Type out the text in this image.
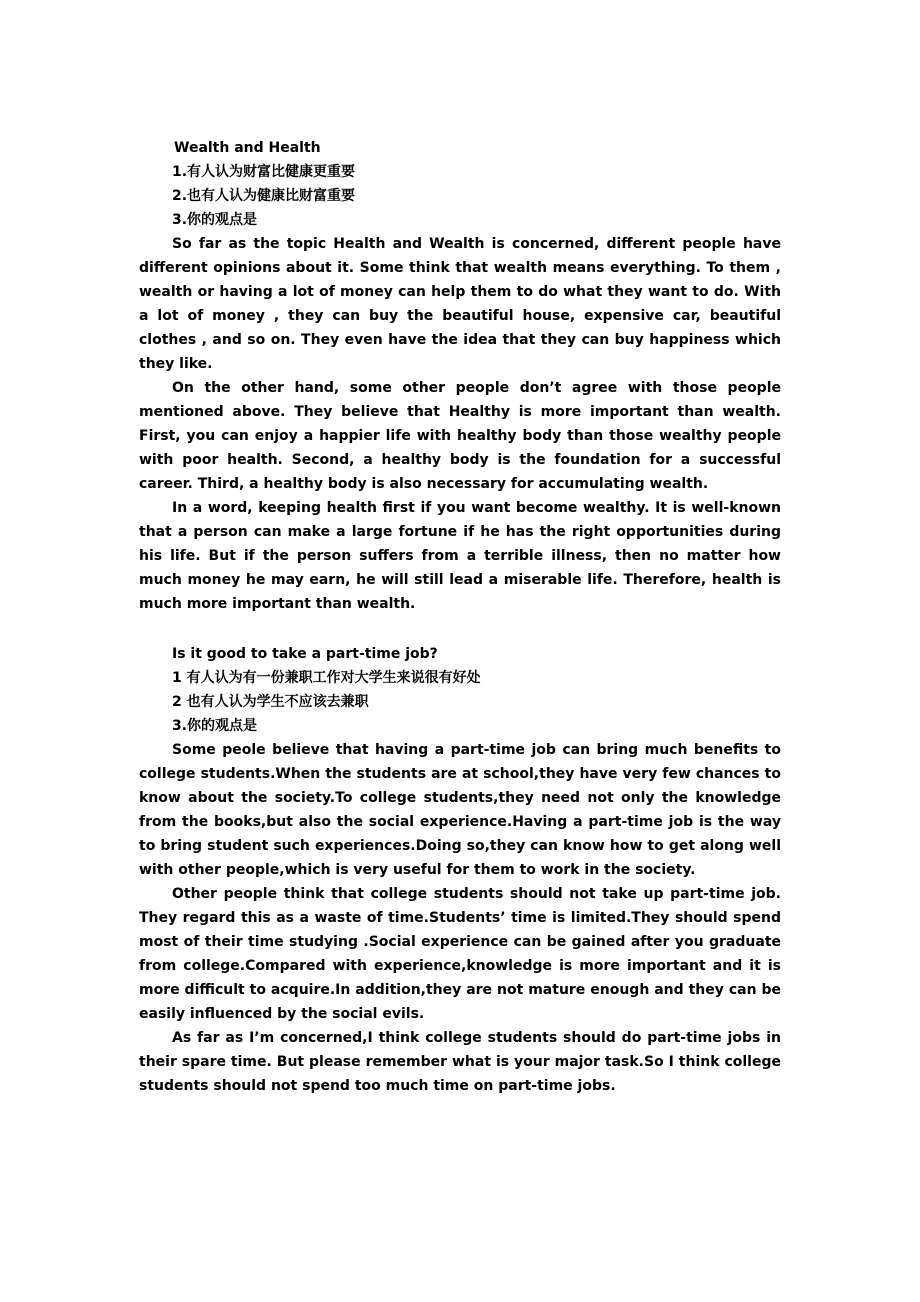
Wealth and Health

1.有人认为财富比健康更重要

2.也有人认为健康比财富重要

3.你的观点是

So far as the topic Health and Wealth is concerned, different people have different opinions about it. Some think that wealth means everything. To them , wealth or having a lot of money can help them to do what they want to do. With a lot of money , they can buy the beautiful house, expensive car, beautiful clothes , and so on. They even have the idea that they can buy happiness which they like.

On the other hand, some other people don’t agree with those people mentioned above. They believe that Healthy is more important than wealth. First, you can enjoy a happier life with healthy body than those wealthy people with poor health. Second, a healthy body is the foundation for a successful career. Third, a healthy body is also necessary for accumulating wealth.

In a word, keeping health first if you want become wealthy. It is well-known that a person can make a large fortune if he has the right opportunities during his life. But if the person suffers from a terrible illness, then no matter how much money he may earn, he will still lead a miserable life. Therefore, health is much more important than wealth.

Is it good to take a part-time job?

1 有人认为有一份兼职工作对大学生来说很有好处

2 也有人认为学生不应该去兼职

3.你的观点是

Some peole believe that having a part-time job can bring much benefits to college students.When the students are at school,they have very few chances to know about the society.To college students,they need not only the knowledge from the books,but also the social experience.Having a part-time job is the way to bring student such experiences.Doing so,they can know how to get along well with other people,which is very useful for them to work in the society.

Other people think that college students should not take up part-time job. They regard this as a waste of time.Students’ time is limited.They should spend most of their time studying .Social experience can be gained after you graduate from college.Compared with experience,knowledge is more important and it is more difficult to acquire.In addition,they are not mature enough and they can be easily influenced by the social evils.

As far as I’m concerned,I think college students should do part-time jobs in their spare time. But please remember what is your major task.So I think college students should not spend too much time on part-time jobs.
